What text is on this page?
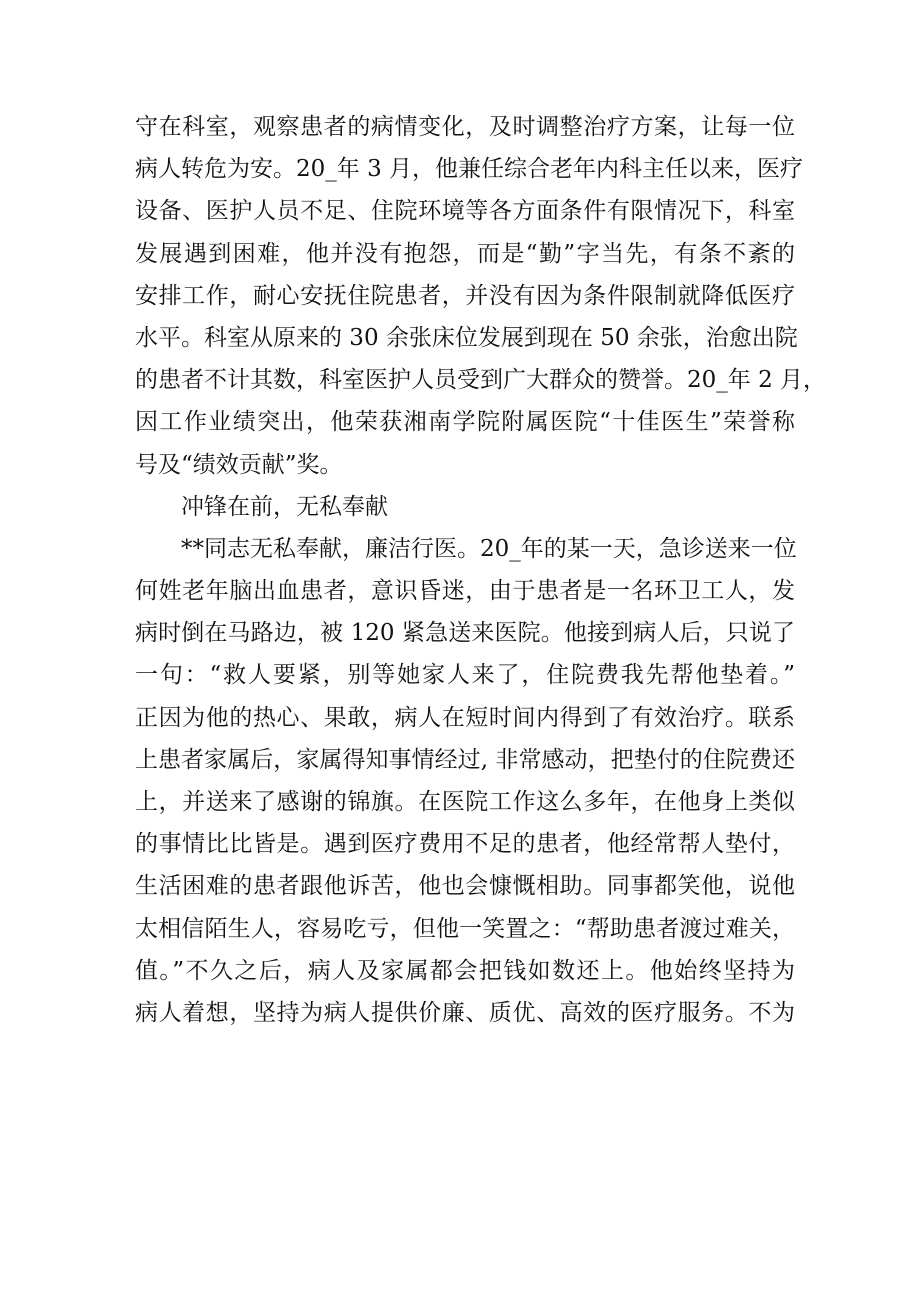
守在科室，观察患者的病情变化，及时调整治疗方案，让每一位
病人转危为安。20_年 3 月，他兼任综合老年内科主任以来，医疗
设备、医护人员不足、住院环境等各方面条件有限情况下，科室
发展遇到困难，他并没有抱怨，而是“勤”字当先，有条不紊的
安排工作，耐心安抚住院患者，并没有因为条件限制就降低医疗
水平。科室从原来的 30 余张床位发展到现在 50 余张，治愈出院
的患者不计其数，科室医护人员受到广大群众的赞誉。20_年 2 月，
因工作业绩突出，他荣获湘南学院附属医院“十佳医生”荣誉称
号及“绩效贡献”奖。
冲锋在前，无私奉献
**同志无私奉献，廉洁行医。20_年的某一天，急诊送来一位
何姓老年脑出血患者，意识昏迷，由于患者是一名环卫工人，发
病时倒在马路边，被 120 紧急送来医院。他接到病人后，只说了
一句：“救人要紧，别等她家人来了，住院费我先帮他垫着。”
正因为他的热心、果敢，病人在短时间内得到了有效治疗。联系
上患者家属后，家属得知事情经过, 非常感动，把垫付的住院费还
上，并送来了感谢的锦旗。在医院工作这么多年，在他身上类似
的事情比比皆是。遇到医疗费用不足的患者，他经常帮人垫付，
生活困难的患者跟他诉苦，他也会慷慨相助。同事都笑他，说他
太相信陌生人，容易吃亏，但他一笑置之：“帮助患者渡过难关，
值。”不久之后，病人及家属都会把钱如数还上。他始终坚持为
病人着想，坚持为病人提供价廉、质优、高效的医疗服务。不为
